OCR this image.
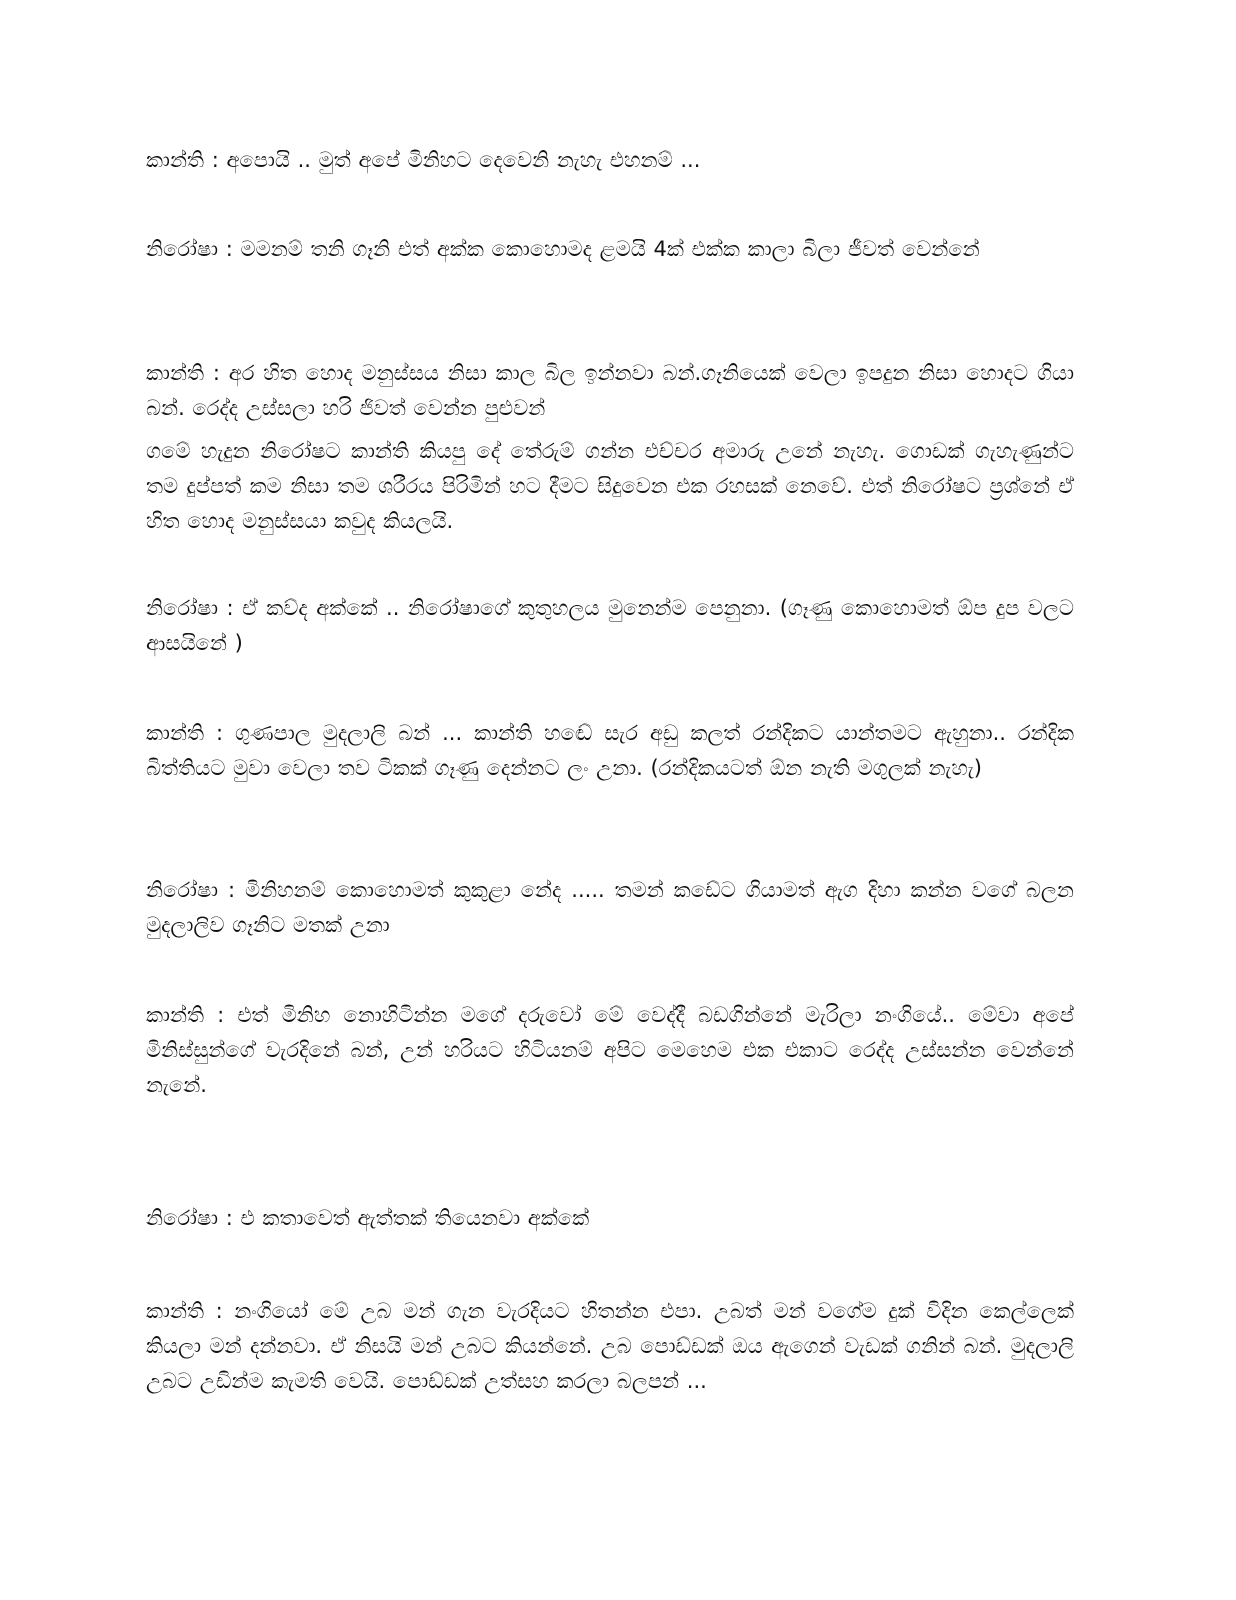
කාන්ති : අපොයි .. මුත් අපේ මිනිහට දෙවෙනි නැහැ එහනම් ...

නිරෝෂා : මමනම් තනි ගෑනි එත් අක්ක කොහොමද ළමයි 4ක් එක්ක කාලා බිලා ජීවත් වෙන්නේ

කාන්ති : අර හිත හොද මනුස්සය නිසා කාල බිල ඉන්නවා බන්.ගෑනියෙක් වෙලා ඉපදුන නිසා හොදට ගියා බන්. රෙද්ද උස්සලා හරි ජිවත් වෙන්න පුළුවන්

ගමේ හැදුන නිරෝෂට කාන්ති කියපු දේ තේරුම් ගන්න එච්චර අමාරු උනේ නැහැ. ගොඩක් ගැහැණුන්ට තම දුප්පත් කම නිසා තම ශරීරය පිරිමින් හට දීමට සිදුවෙන එක රහසක් නෙවේ. එත් නිරෝෂට ප්‍රශ්නේ ඒ හිත හොද මනුස්සයා කවුද කියලයි.

නිරෝෂා : ඒ කව්ද අක්කේ .. නිරෝෂාගේ කුතුහලය මුනෙන්ම පෙනුනා. (ගෑණු කොහොමත් ඕප දුප වලට ආසයිනේ )

කාන්ති : ගුණපාල මුදලාලි බන් ... කාන්ති හඬේ සැර අඩු කලත් රන්දිකට යාන්තමට ඇහුනා.. රන්දික බිත්තියට මුවා වෙලා තව ටිකක් ගෑණු දෙන්නට ලං උනා. (රන්දිකයටත් ඕන නැති මගුලක් නැහැ)

නිරෝෂා : මිනිහනම් කොහොමත් කුකුළා නේද ..... තමන් කඩේට ගියාමත් ඇග දිහා කන්න වගේ බලන මුදලාලිව ගෑනිට මතක් උනා

කාන්ති : එත් මිනිහ නොහිටින්න මගේ දරුවෝ මේ වෙද්දී බඩගින්නේ මැරිලා නංගියේ.. මේවා අපේ මිනිස්සුන්ගේ වැරදිනේ බන්, උන් හරියට හිටියනම් අපිට මෙහෙම එක එකාට රෙද්ද උස්සන්න වෙන්නේ නැනේ.

නිරෝෂා : එ කතාවෙත් ඇත්තක් තියෙනවා අක්කේ

කාන්ති : නංගියෝ මේ උබ මන් ගැන වැරදියට හිතන්න එපා. උබත් මන් වගේම දුක් විදින කෙල්ලෙක් කියලා මන් දන්නවා. ඒ නිසයි මන් උබට කියන්නේ. උබ පොඩ්ඩක් ඔය ඇගෙන් වැඩක් ගනින් බන්. මුදලාලි උබට උඩින්ම කැමති වෙයි. පොඩ්ඩක් උත්සහ කරලා බලපන් ...
